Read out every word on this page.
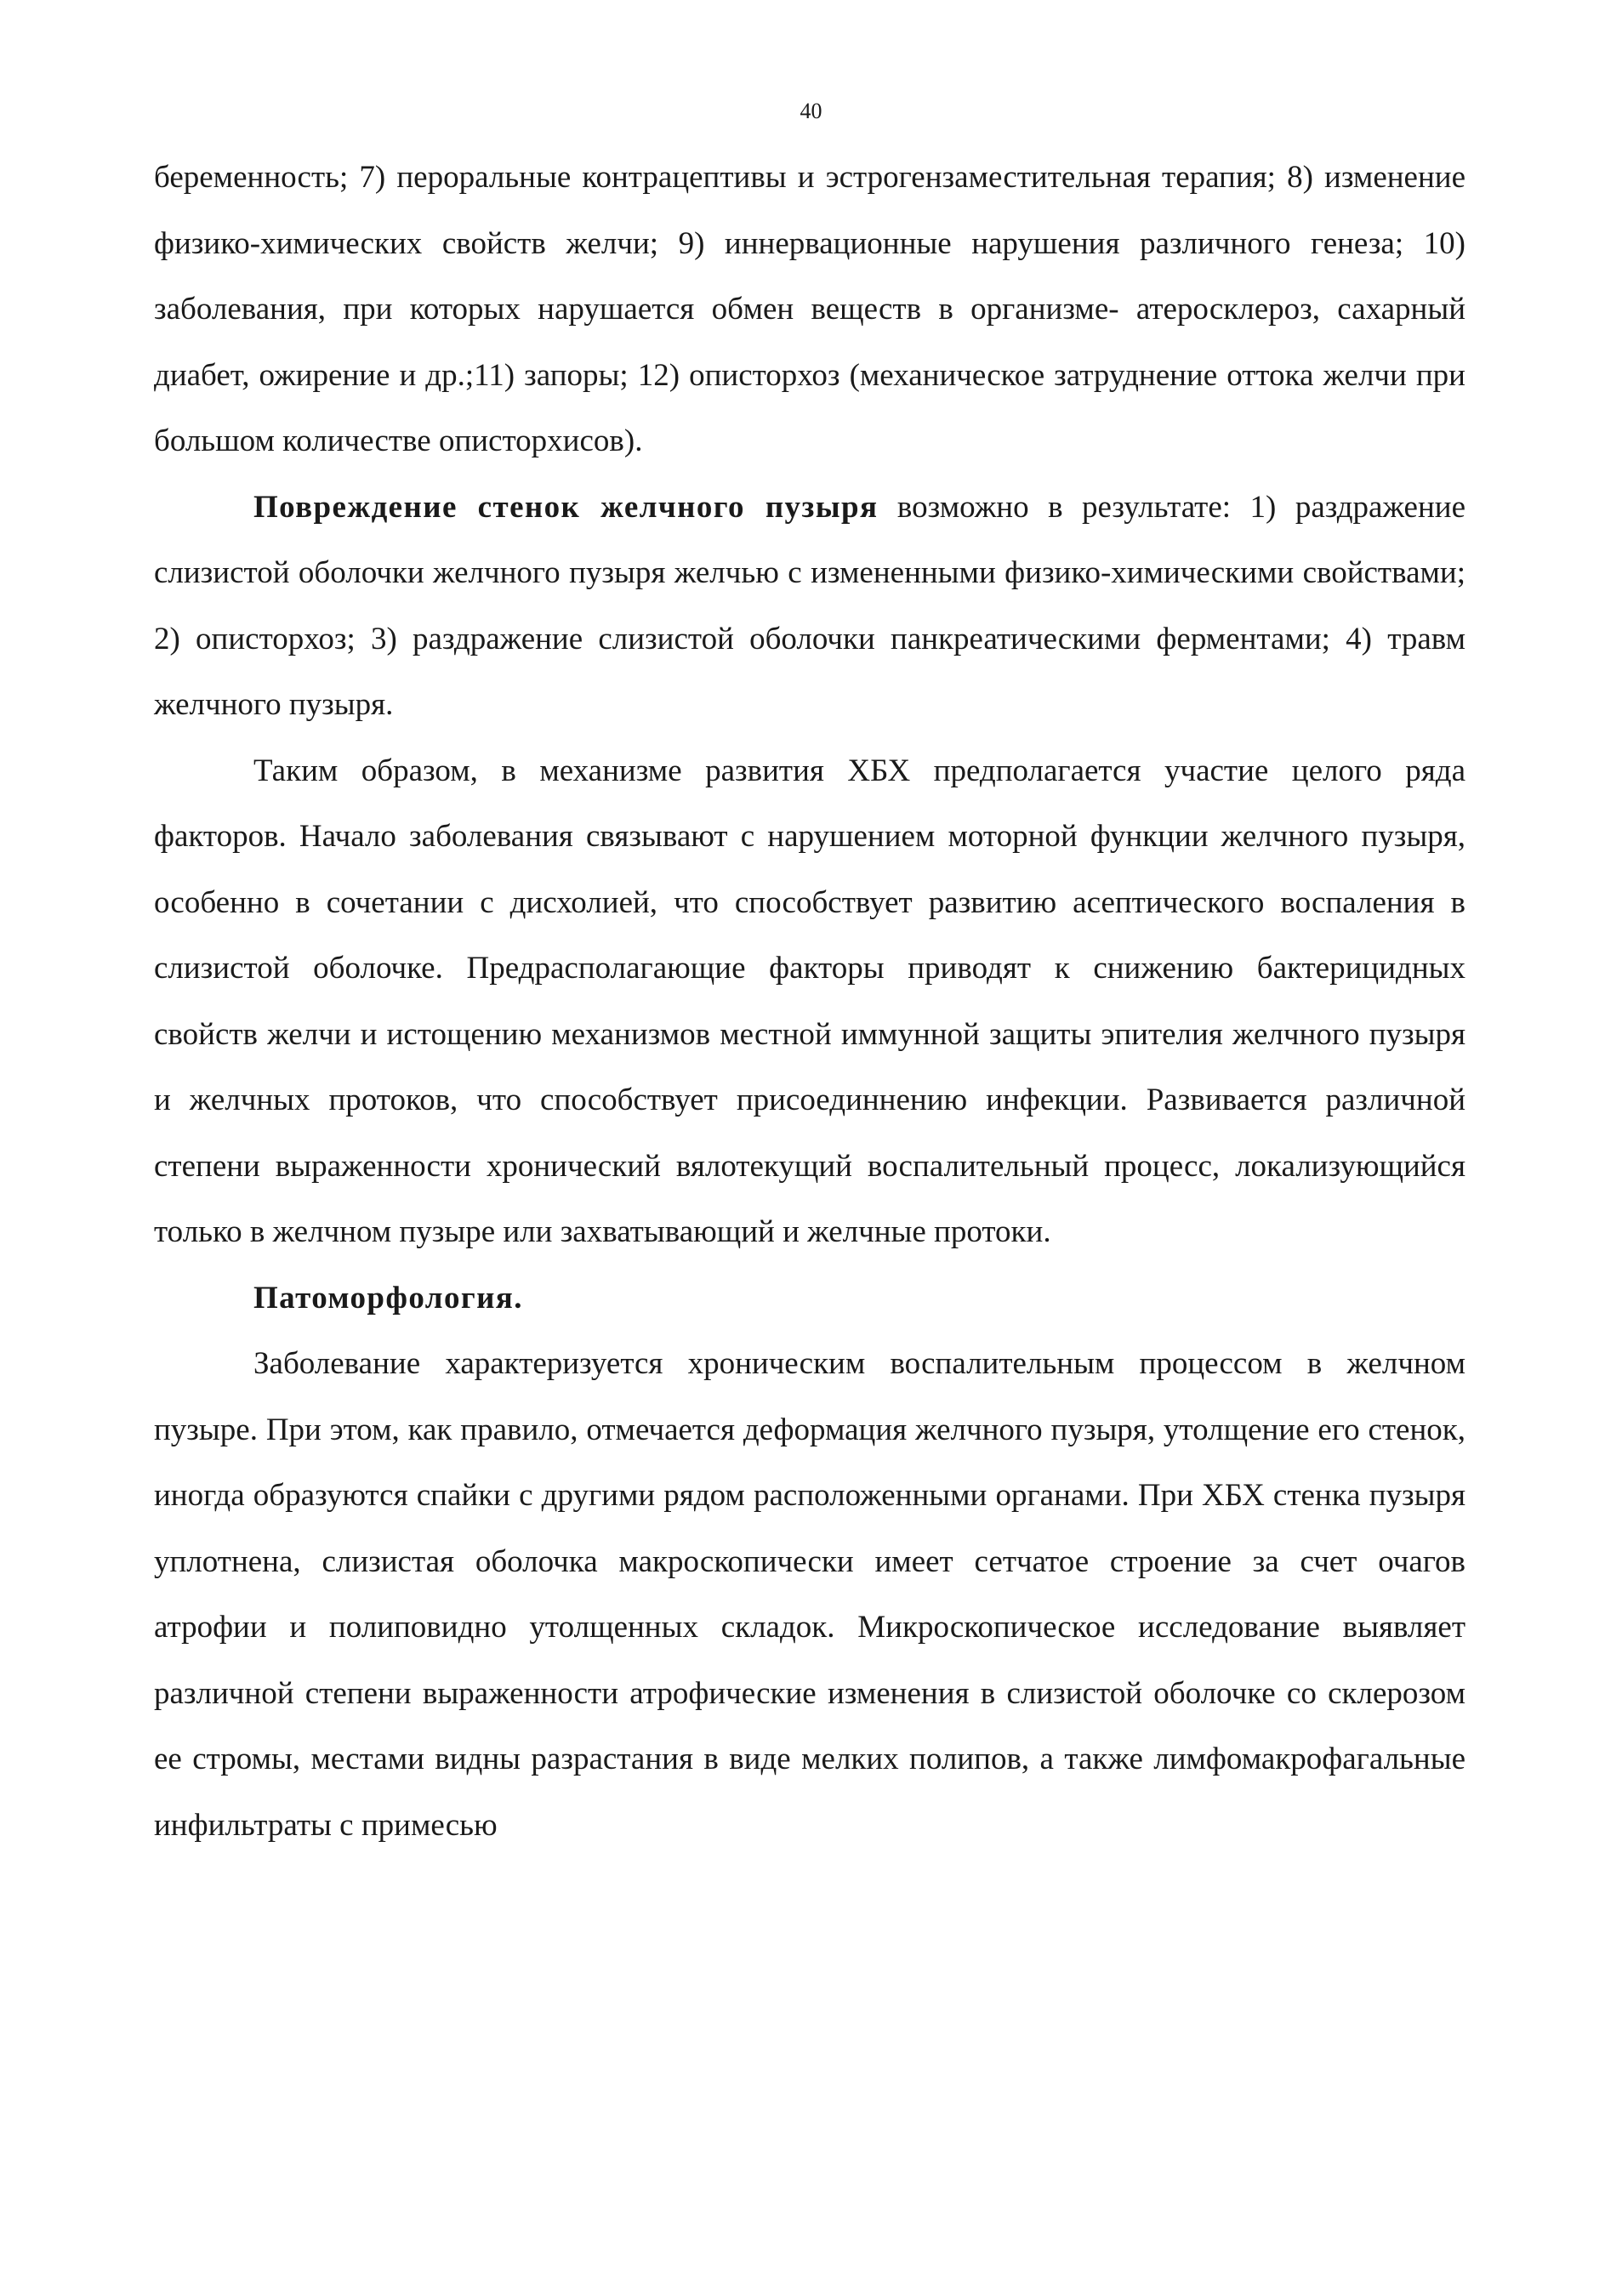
40

беременность; 7) пероральные контрацептивы и эстрогензаместительная терапия; 8) изменение физико-химических свойств желчи; 9) иннервационные нарушения различного генеза; 10) заболевания, при которых нарушается обмен веществ в организме- атеросклероз, сахарный диабет, ожирение и др.;11) запоры; 12) описторхоз (механическое затруднение оттока желчи при большом количестве описторхисов).

Повреждение стенок желчного пузыря возможно в результате: 1) раздражение слизистой оболочки желчного пузыря желчью с измененными физико-химическими свойствами; 2) описторхоз; 3) раздражение слизистой оболочки панкреатическими ферментами; 4) травм желчного пузыря.

Таким образом, в механизме развития ХБХ предполагается участие целого ряда факторов. Начало заболевания связывают с нарушением моторной функции желчного пузыря, особенно в сочетании с дисхолией, что способствует развитию асептического воспаления в слизистой оболочке. Предрасполагающие факторы приводят к снижению бактерицидных свойств желчи и истощению механизмов местной иммунной защиты эпителия желчного пузыря и желчных протоков, что способствует присоединнению инфекции. Развивается различной степени выраженности хронический вялотекущий воспалительный процесс, локализующийся только в желчном пузыре или захватывающий и желчные протоки.

Патоморфология.

Заболевание характеризуется хроническим воспалительным процессом в желчном пузыре. При этом, как правило, отмечается деформация желчного пузыря, утолщение его стенок, иногда образуются спайки с другими рядом расположенными органами. При ХБХ стенка пузыря уплотнена, слизистая оболочка макроскопически имеет сетчатое строение за счет очагов атрофии и полиповидно утолщенных складок. Микроскопическое исследование выявляет различной степени выраженности атрофические изменения в слизистой оболочке со склерозом ее стромы, местами видны разрастания в виде мелких полипов, а также лимфомакрофагальные инфильтраты с примесью
